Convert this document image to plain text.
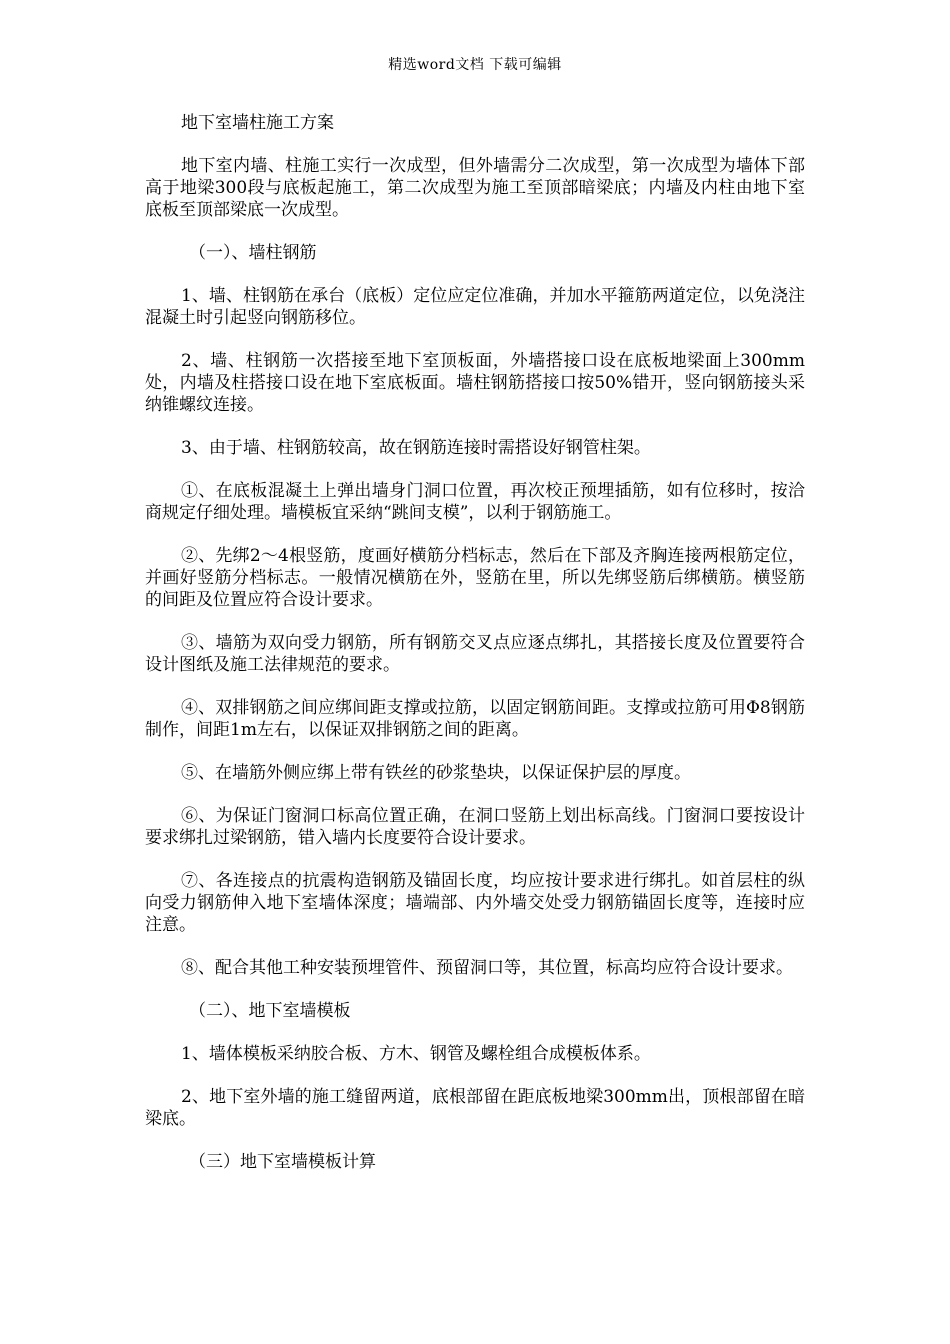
精选word文档 下载可编辑

地下室墙柱施工方案

地下室内墙、柱施工实行一次成型，但外墙需分二次成型，第一次成型为墙体下部高于地梁300段与底板起施工，第二次成型为施工至顶部暗梁底；内墙及内柱由地下室底板至顶部梁底一次成型。

（一）、墙柱钢筋

1、墙、柱钢筋在承台（底板）定位应定位准确，并加水平箍筋两道定位，以免浇注混凝土时引起竖向钢筋移位。

2、墙、柱钢筋一次搭接至地下室顶板面，外墙搭接口设在底板地梁面上300mm处，内墙及柱搭接口设在地下室底板面。墙柱钢筋搭接口按50%错开，竖向钢筋接头采纳锥螺纹连接。

3、由于墙、柱钢筋较高，故在钢筋连接时需搭设好钢管柱架。

①、在底板混凝土上弹出墙身门洞口位置，再次校正预埋插筋，如有位移时，按洽商规定仔细处理。墙模板宜采纳“跳间支模”，以利于钢筋施工。

②、先绑2～4根竖筋，度画好横筋分档标志，然后在下部及齐胸连接两根筋定位，并画好竖筋分档标志。一般情况横筋在外，竖筋在里，所以先绑竖筋后绑横筋。横竖筋的间距及位置应符合设计要求。

③、墙筋为双向受力钢筋，所有钢筋交叉点应逐点绑扎，其搭接长度及位置要符合设计图纸及施工法律规范的要求。

④、双排钢筋之间应绑间距支撑或拉筋，以固定钢筋间距。支撑或拉筋可用Φ8钢筋制作，间距1m左右，以保证双排钢筋之间的距离。

⑤、在墙筋外侧应绑上带有铁丝的砂浆垫块，以保证保护层的厚度。

⑥、为保证门窗洞口标高位置正确，在洞口竖筋上划出标高线。门窗洞口要按设计要求绑扎过梁钢筋，错入墙内长度要符合设计要求。

⑦、各连接点的抗震构造钢筋及锚固长度，均应按计要求进行绑扎。如首层柱的纵向受力钢筋伸入地下室墙体深度；墙端部、内外墙交处受力钢筋锚固长度等，连接时应注意。

⑧、配合其他工种安装预埋管件、预留洞口等，其位置，标高均应符合设计要求。

（二）、地下室墙模板

1、墙体模板采纳胶合板、方木、钢管及螺栓组合成模板体系。

2、地下室外墙的施工缝留两道，底根部留在距底板地梁300mm出，顶根部留在暗梁底。

（三）地下室墙模板计算
